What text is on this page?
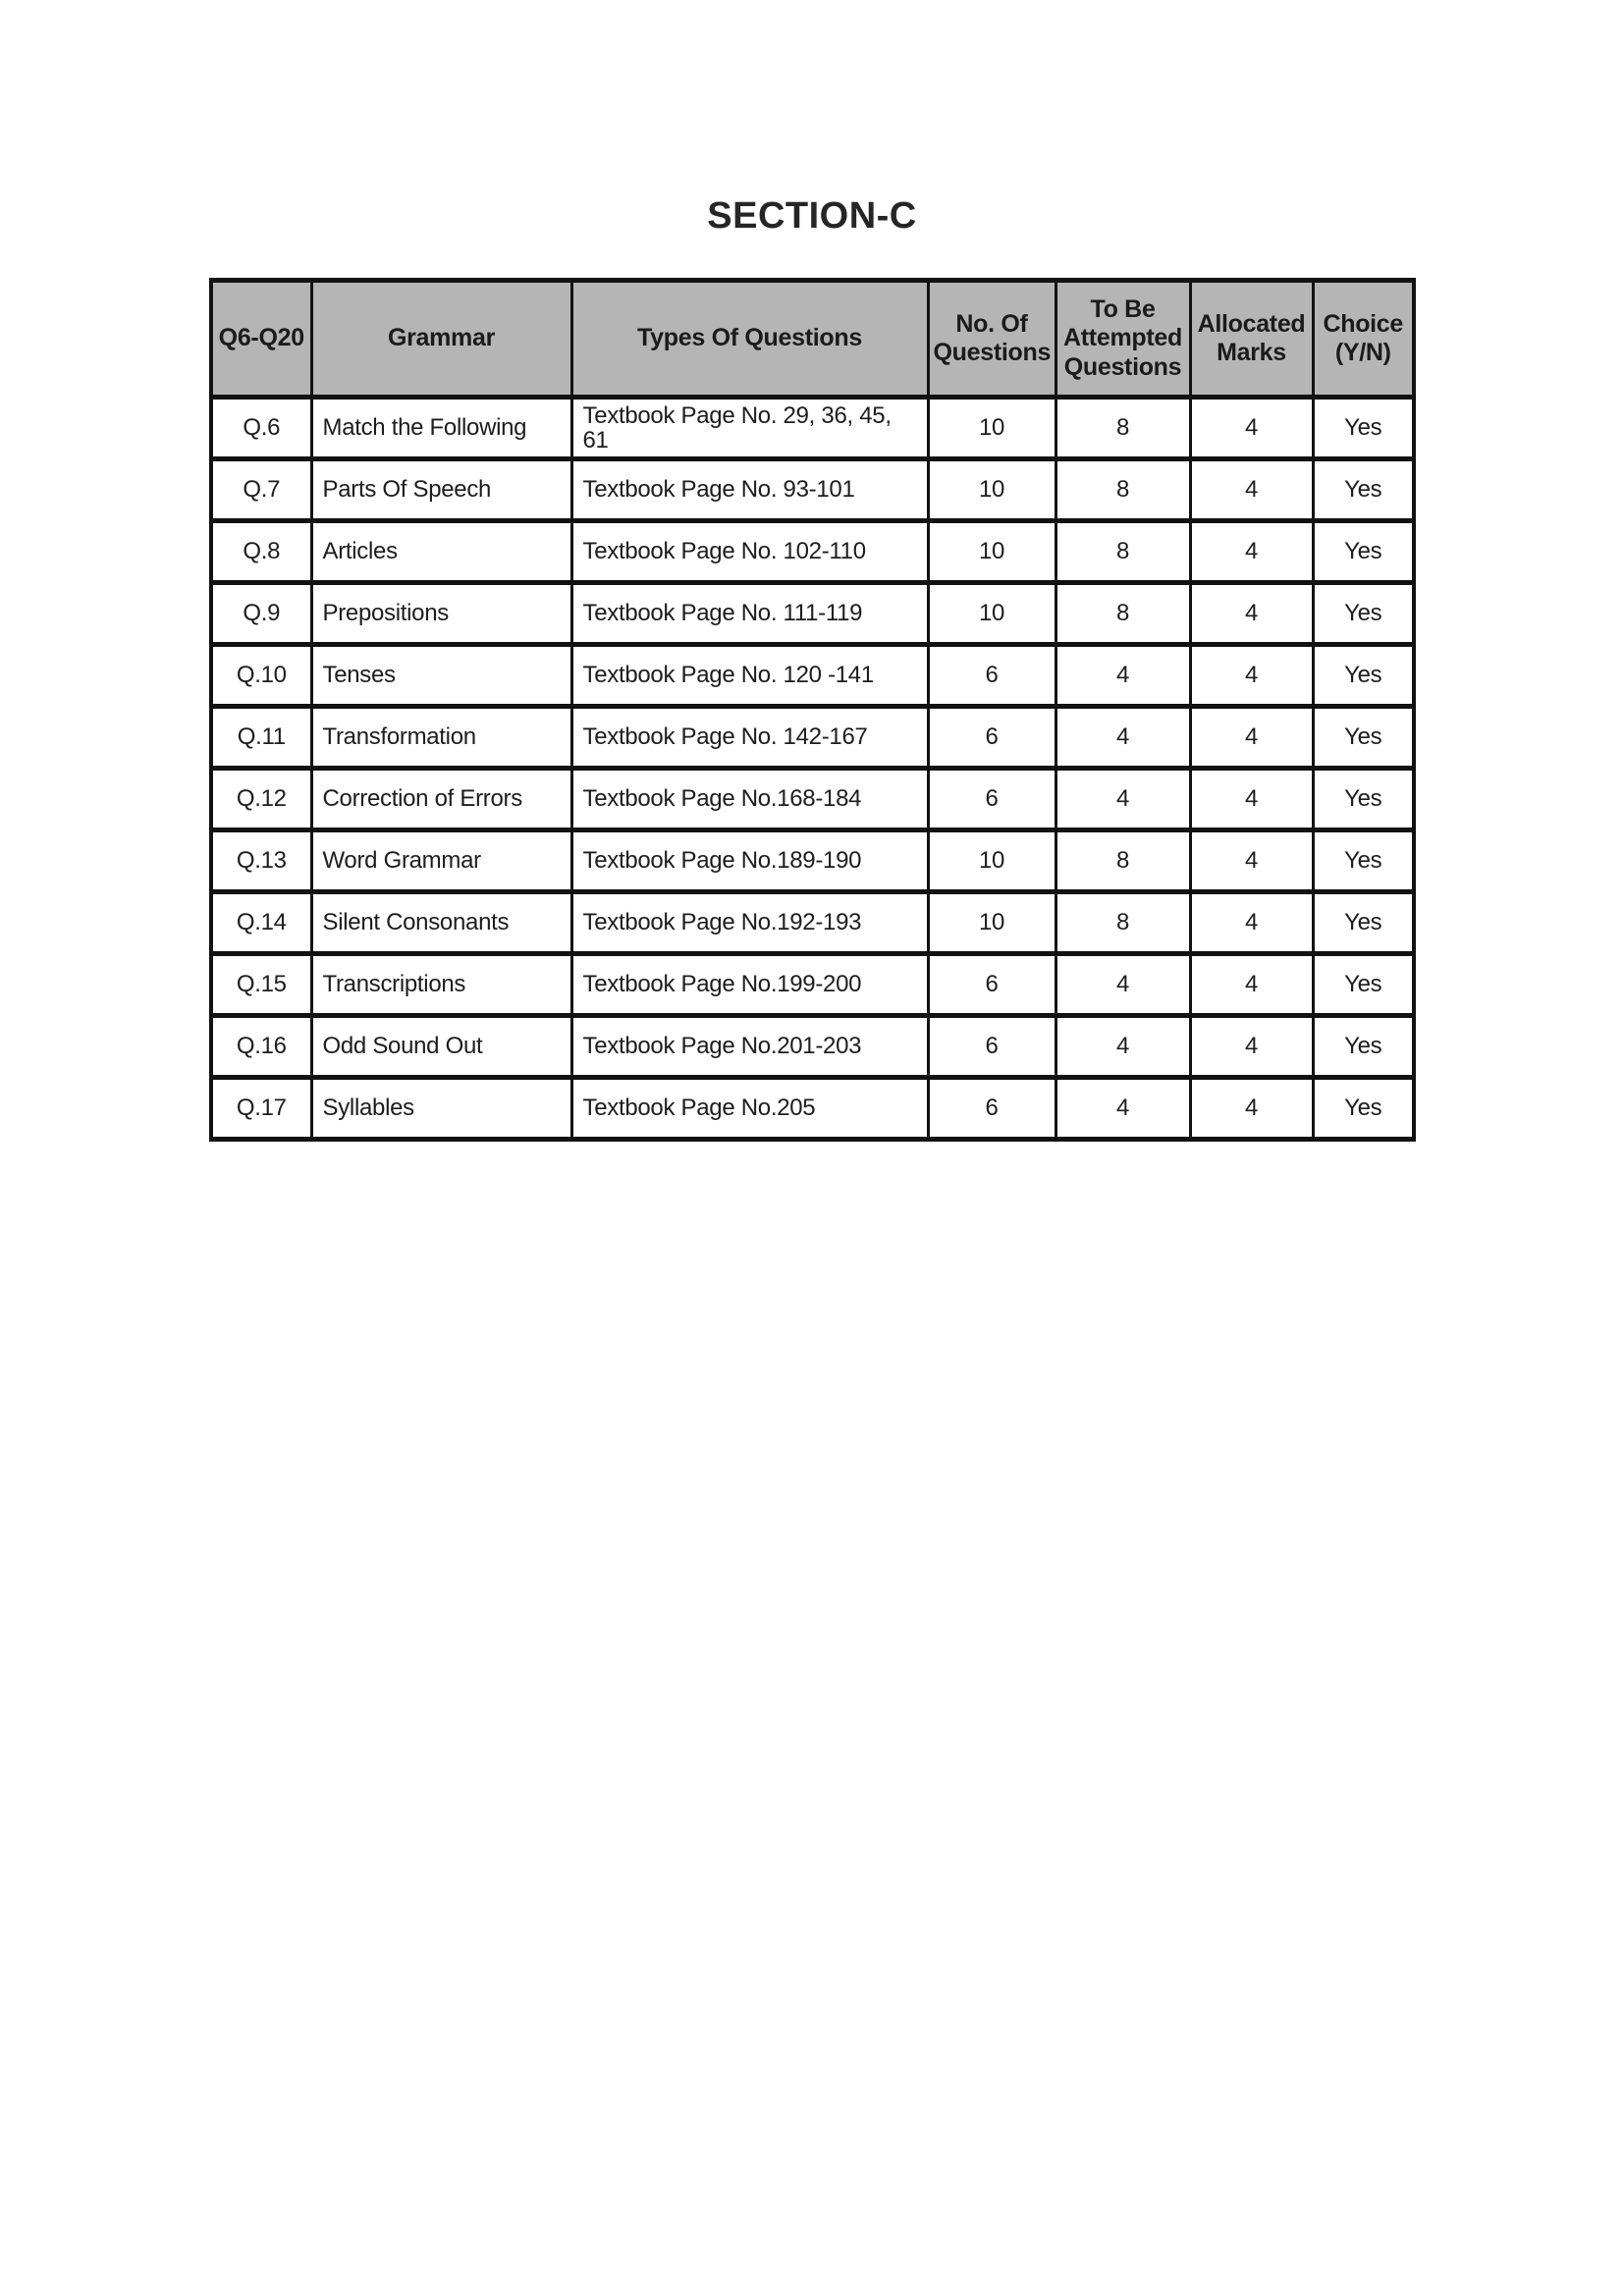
SECTION-C
Q6-Q20	Grammar	Types Of Questions	No. Of Questions	To Be Attempted Questions	Allocated Marks	Choice (Y/N)
Q.6	Match the Following	Textbook Page No. 29, 36, 45, 61	10	8	4	Yes
Q.7	Parts Of Speech	Textbook Page No. 93-101	10	8	4	Yes
Q.8	Articles	Textbook Page No. 102-110	10	8	4	Yes
Q.9	Prepositions	Textbook Page No. 111-119	10	8	4	Yes
Q.10	Tenses	Textbook Page No. 120 -141	6	4	4	Yes
Q.11	Transformation	Textbook Page No. 142-167	6	4	4	Yes
Q.12	Correction of Errors	Textbook Page No.168-184	6	4	4	Yes
Q.13	Word Grammar	Textbook Page No.189-190	10	8	4	Yes
Q.14	Silent Consonants	Textbook Page No.192-193	10	8	4	Yes
Q.15	Transcriptions	Textbook Page No.199-200	6	4	4	Yes
Q.16	Odd Sound Out	Textbook Page No.201-203	6	4	4	Yes
Q.17	Syllables	Textbook Page No.205	6	4	4	Yes
